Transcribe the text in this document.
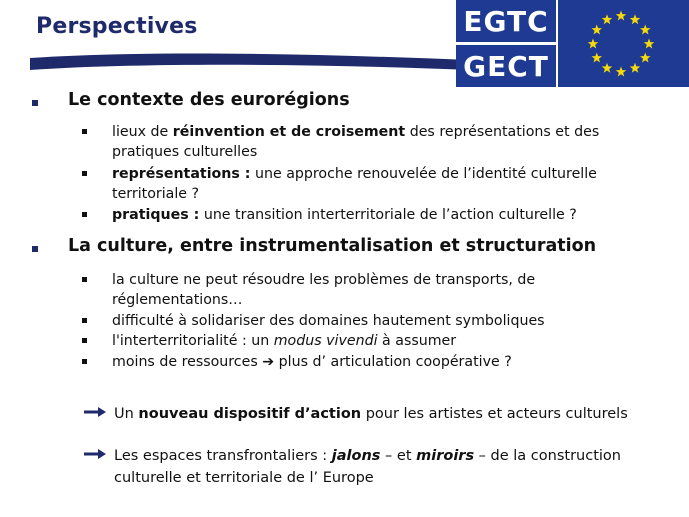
Perspectives	EGTC
GECT
Le contexte des eurorégions
lieux de réinvention et de croisement des représentations et des
pratiques culturelles
représentations : une approche renouvelée de l’identité culturelle
territoriale ?
pratiques : une transition interterritoriale de l’action culturelle ?
La culture, entre instrumentalisation et structuration
la culture ne peut résoudre les problèmes de transports, de
réglementations…
difficulté à solidariser des domaines hautement symboliques
l'interterritorialité : un modus vivendi à assumer
moins de ressources ➔ plus d’ articulation coopérative ?
Un nouveau dispositif d’action pour les artistes et acteurs culturels
Les espaces transfrontaliers : jalons – et miroirs – de la construction
culturelle et territoriale de l’ Europe
